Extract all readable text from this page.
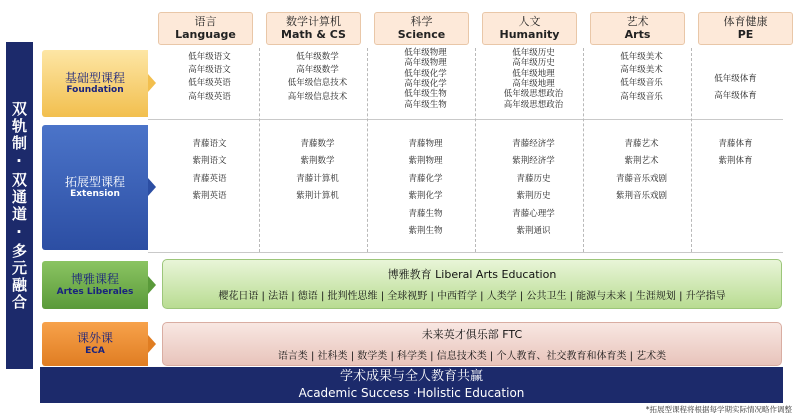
双轨制·双通道·多元融合
语言
Language
数学计算机
Math & CS
科学
Science
人文
Humanity
艺术
Arts
体育健康
PE
基础型课程
Foundation
拓展型课程
Extension
博雅课程
Artes Liberales
课外课
ECA
低年级语文
高年级语文
低年级英语
高年级英语
低年级数学
高年级数学
低年级信息技术
高年级信息技术
低年级物理
高年级物理
低年级化学
高年级化学
低年级生物
高年级生物
低年级历史
高年级历史
低年级地理
高年级地理
低年级思想政治
高年级思想政治
低年级美术
高年级美术
低年级音乐
高年级音乐
低年级体育
高年级体育
青藤语文
紫荆语文
青藤英语
紫荆英语
青藤数学
紫荆数学
青藤计算机
紫荆计算机
青藤物理
紫荆物理
青藤化学
紫荆化学
青藤生物
紫荆生物
青藤经济学
紫荆经济学
青藤历史
紫荆历史
青藤心理学
紫荆通识
青藤艺术
紫荆艺术
青藤音乐戏剧
紫荆音乐戏剧
青藤体育
紫荆体育
博雅教育 Liberal Arts Education
樱花日语 | 法语 | 德语 | 批判性思维 | 全球视野 | 中西哲学 | 人类学 | 公共卫生 | 能源与未来 | 生涯规划 | 升学指导
未来英才俱乐部 FTC
语言类 | 社科类 | 数学类 | 科学类 | 信息技术类 | 个人教育、社交教育和体育类 | 艺术类
学术成果与全人教育共赢
Academic Success ·Holistic Education
*拓展型课程将根据每学期实际情况略作调整
